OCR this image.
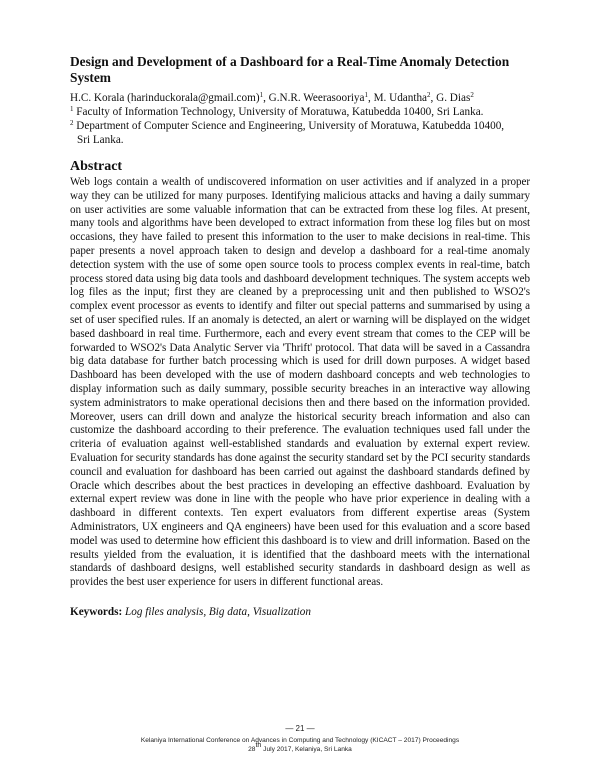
Design and Development of a Dashboard for a Real-Time Anomaly Detection System
H.C. Korala (harinduckorala@gmail.com)$^1$, G.N.R. Weerasooriya$^1$, M. Udantha$^2$, G. Dias$^2$
$^1$ Faculty of Information Technology, University of Moratuwa, Katubedda 10400, Sri Lanka.
$^2$ Department of Computer Science and Engineering, University of Moratuwa, Katubedda 10400,
Sri Lanka.
Abstract
Web logs contain a wealth of undiscovered information on user activities and if analyzed in a proper way they can be utilized for many purposes. Identifying malicious attacks and having a daily summary on user activities are some valuable information that can be extracted from these log files. At present, many tools and algorithms have been developed to extract information from these log files but on most occasions, they have failed to present this information to the user to make decisions in real-time. This paper presents a novel approach taken to design and develop a dashboard for a real-time anomaly detection system with the use of some open source tools to process complex events in real-time, batch process stored data using big data tools and dashboard development techniques. The system accepts web log files as the input; first they are cleaned by a preprocessing unit and then published to WSO2's complex event processor as events to identify and filter out special patterns and summarised by using a set of user specified rules. If an anomaly is detected, an alert or warning will be displayed on the widget based dashboard in real time. Furthermore, each and every event stream that comes to the CEP will be forwarded to WSO2's Data Analytic Server via 'Thrift' protocol. That data will be saved in a Cassandra big data database for further batch processing which is used for drill down purposes. A widget based Dashboard has been developed with the use of modern dashboard concepts and web technologies to display information such as daily summary, possible security breaches in an interactive way allowing system administrators to make operational decisions then and there based on the information provided. Moreover, users can drill down and analyze the historical security breach information and also can customize the dashboard according to their preference. The evaluation techniques used fall under the criteria of evaluation against well-established standards and evaluation by external expert review. Evaluation for security standards has done against the security standard set by the PCI security standards council and evaluation for dashboard has been carried out against the dashboard standards defined by Oracle which describes about the best practices in developing an effective dashboard. Evaluation by external expert review was done in line with the people who have prior experience in dealing with a dashboard in different contexts. Ten expert evaluators from different expertise areas (System Administrators, UX engineers and QA engineers) have been used for this evaluation and a score based model was used to determine how efficient this dashboard is to view and drill information. Based on the results yielded from the evaluation, it is identified that the dashboard meets with the international standards of dashboard designs, well established security standards in dashboard design as well as provides the best user experience for users in different functional areas.
Keywords: Log files analysis, Big data, Visualization
— 21 —
Kelaniya International Conference on Advances in Computing and Technology (KICACT – 2017) Proceedings
28th July 2017, Kelaniya, Sri Lanka
